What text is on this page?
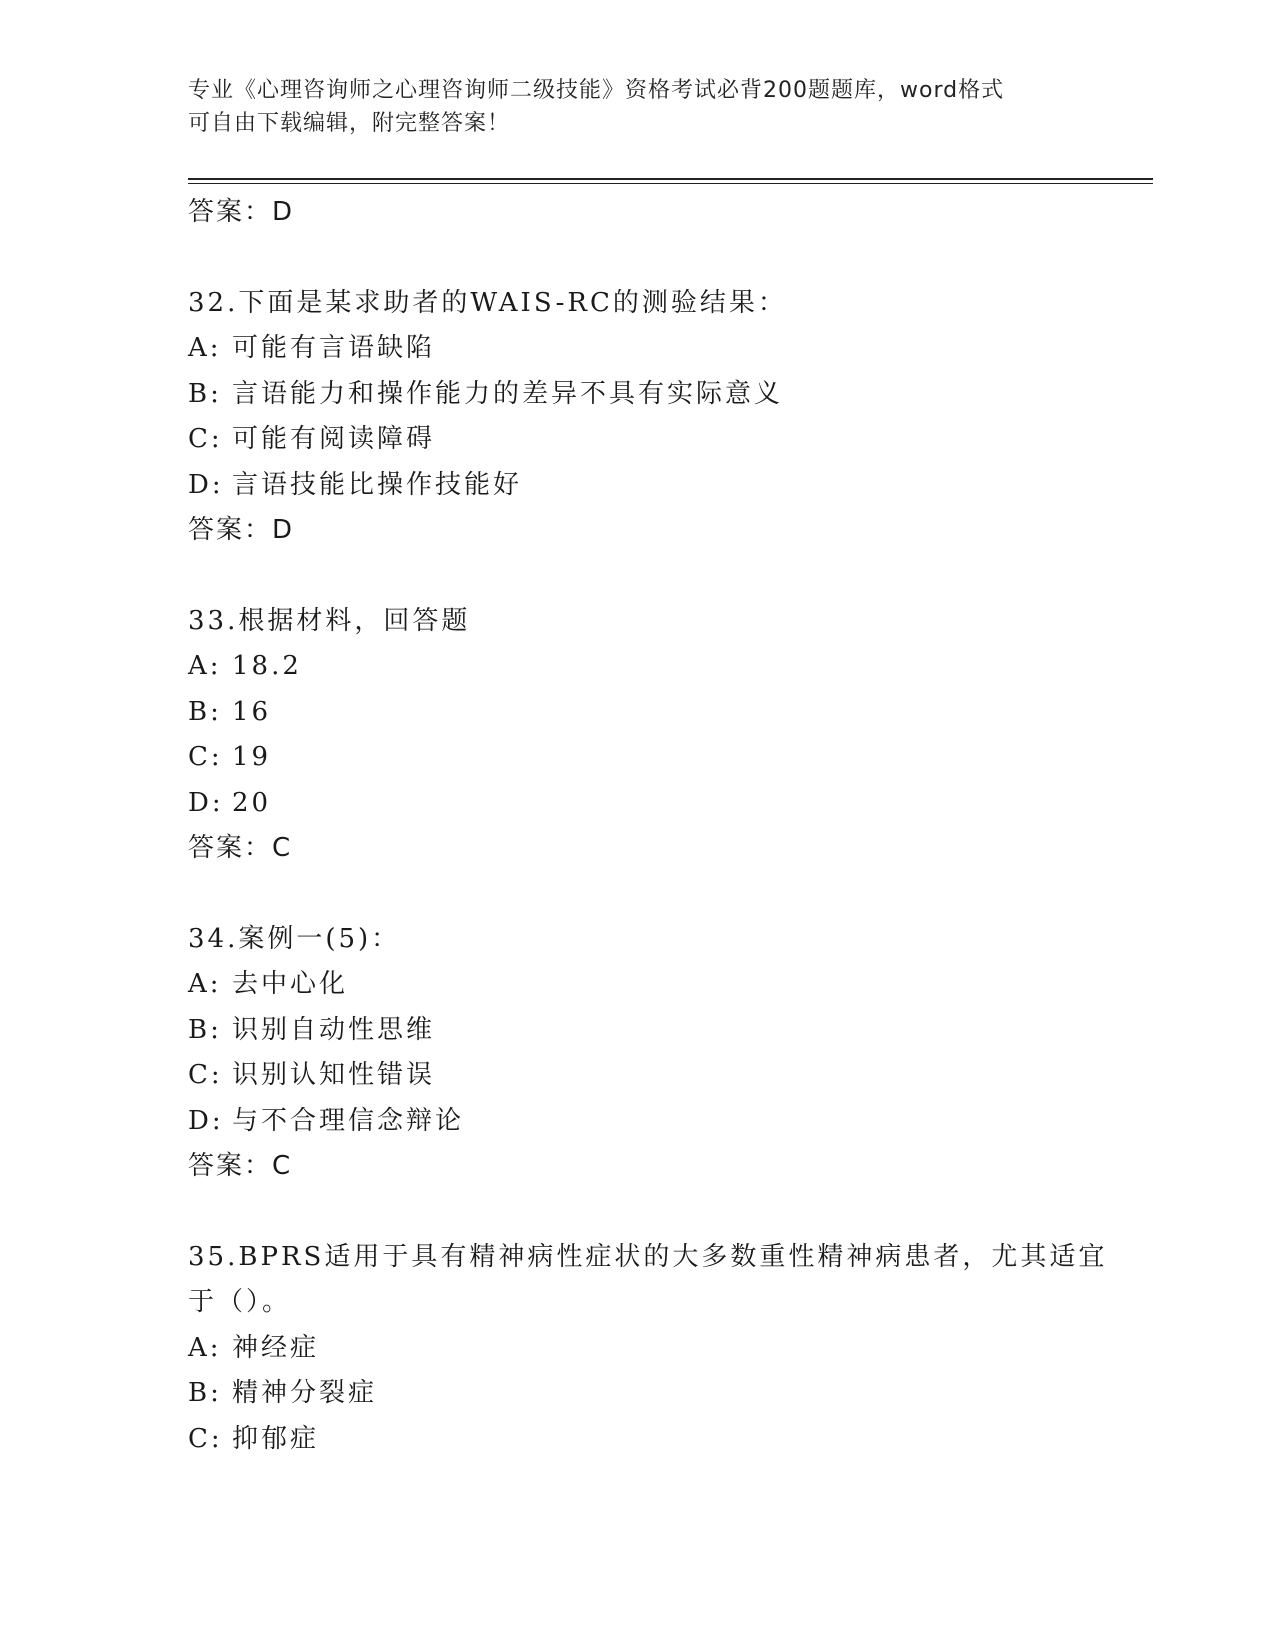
专业《心理咨询师之心理咨询师二级技能》资格考试必背200题题库，word格式
可自由下载编辑，附完整答案！
答案：D
32.下面是某求助者的WAIS-RC的测验结果：
A: 可能有言语缺陷
B: 言语能力和操作能力的差异不具有实际意义
C: 可能有阅读障碍
D: 言语技能比操作技能好
答案：D
33.根据材料，回答题
A: 18.2
B: 16
C: 19
D: 20
答案：C
34.案例一(5)：
A: 去中心化
B: 识别自动性思维
C: 识别认知性错误
D: 与不合理信念辩论
答案：C
35.BPRS适用于具有精神病性症状的大多数重性精神病患者，尤其适宜
于（）。
A: 神经症
B: 精神分裂症
C: 抑郁症
